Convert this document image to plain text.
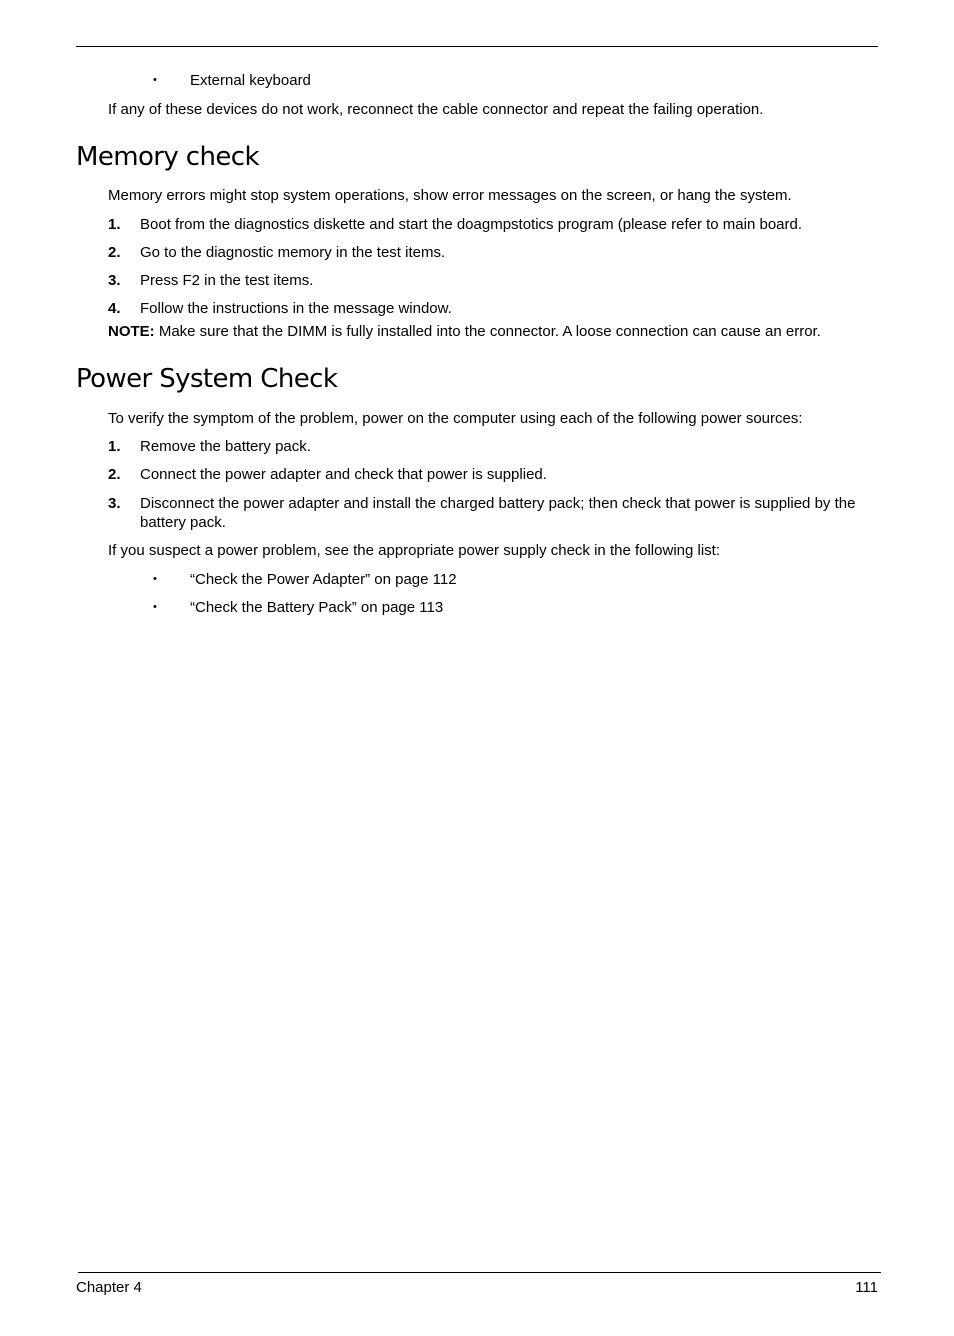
• External keyboard
If any of these devices do not work, reconnect the cable connector and repeat the failing operation.
Memory check
Memory errors might stop system operations, show error messages on the screen, or hang the system.
1. Boot from the diagnostics diskette and start the doagmpstotics program (please refer to main board.
2. Go to the diagnostic memory in the test items.
3. Press F2 in the test items.
4. Follow the instructions in the message window.
NOTE: Make sure that the DIMM is fully installed into the connector. A loose connection can cause an error.
Power System Check
To verify the symptom of the problem, power on the computer using each of the following power sources:
1. Remove the battery pack.
2. Connect the power adapter and check that power is supplied.
3. Disconnect the power adapter and install the charged battery pack; then check that power is supplied by the battery pack.
If you suspect a power problem, see the appropriate power supply check in the following list:
• “Check the Power Adapter” on page 112
• “Check the Battery Pack” on page 113
Chapter 4	111
